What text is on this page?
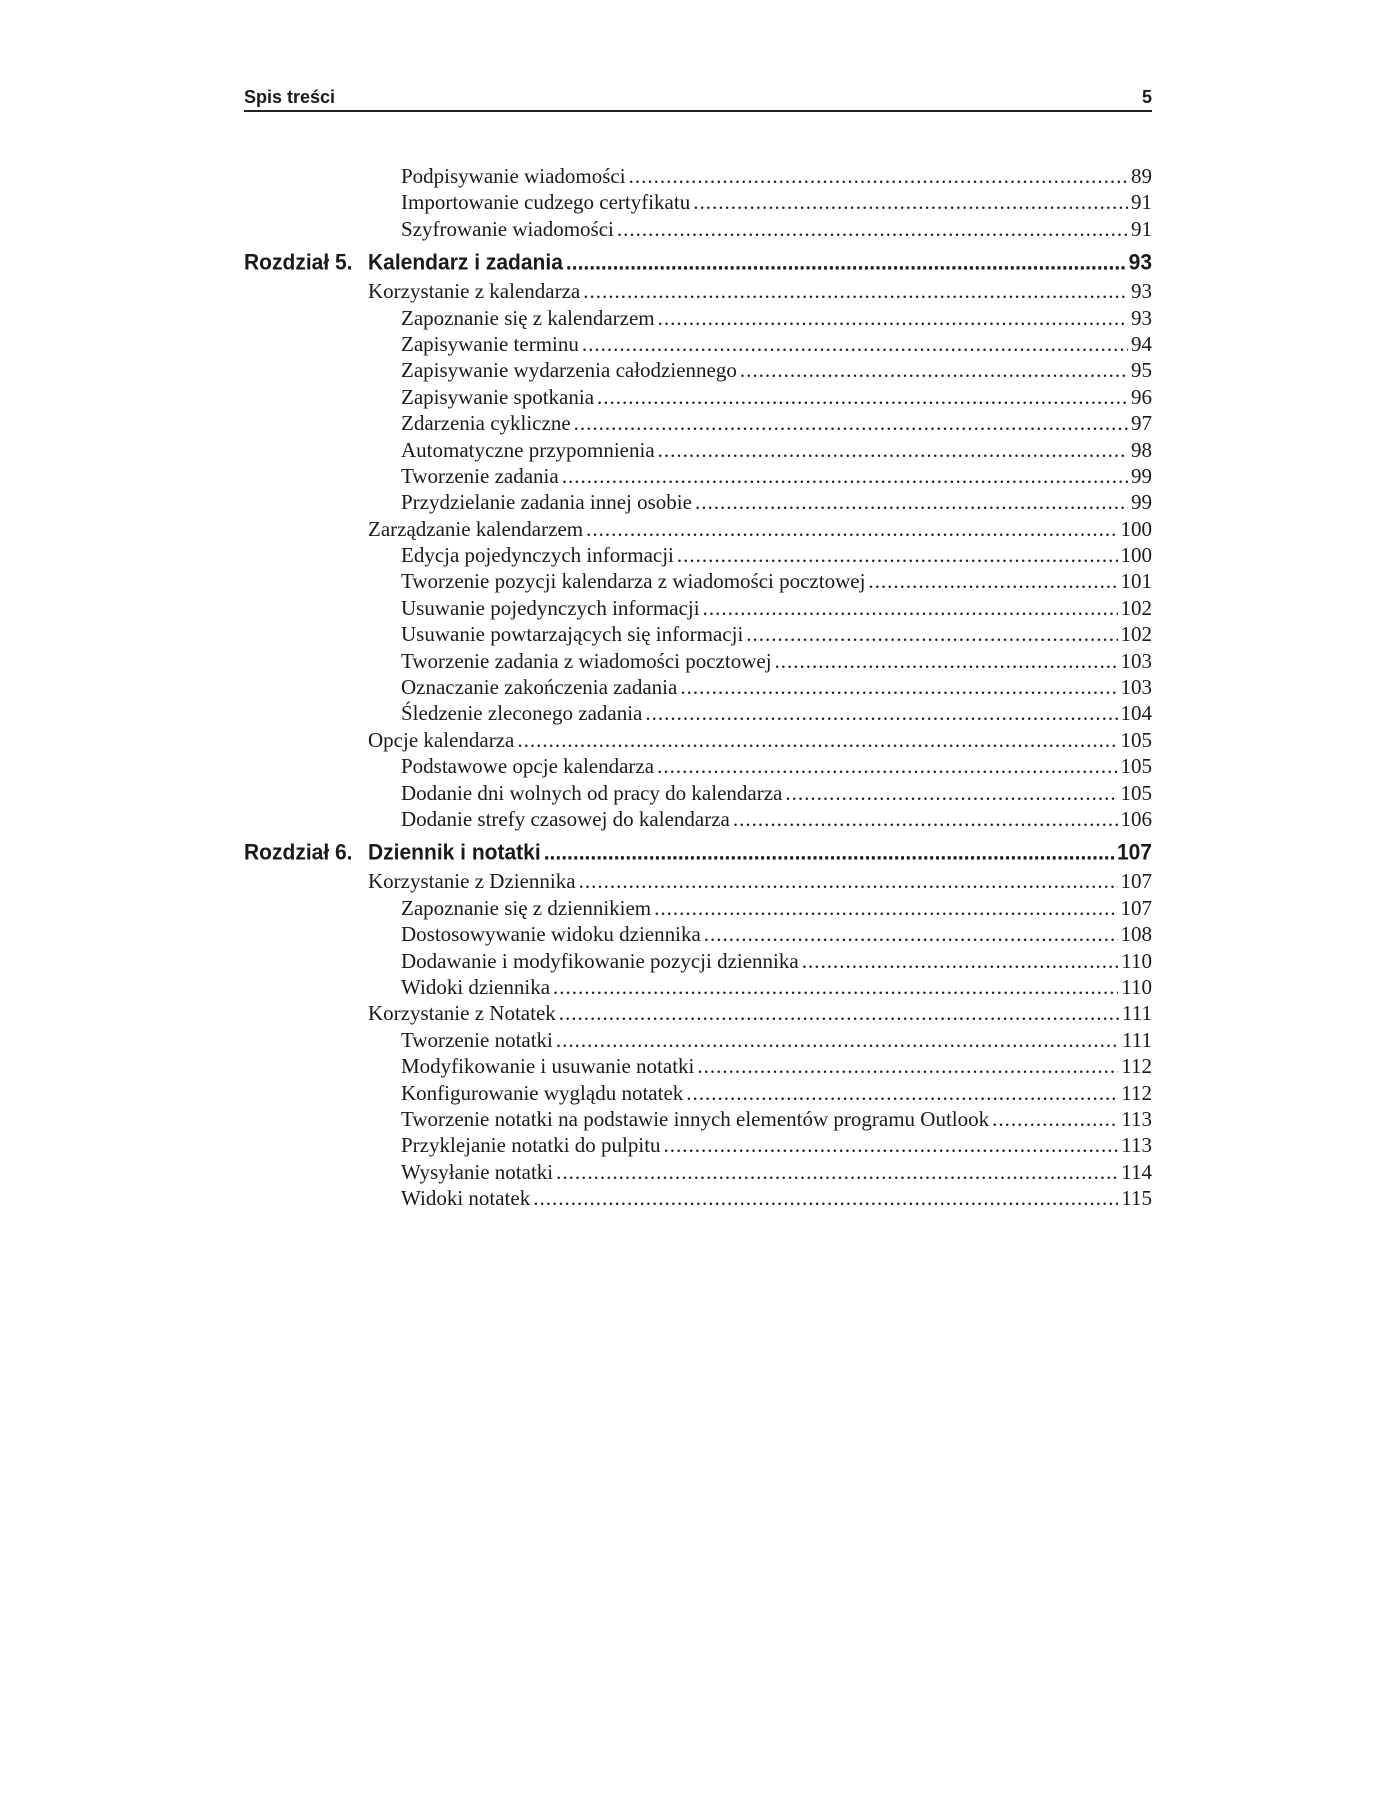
Spis treści	5
Podpisywanie wiadomości .....	89
Importowanie cudzego certyfikatu .....	91
Szyfrowanie wiadomości .....	91
Rozdział 5. Kalendarz i zadania .....	93
Korzystanie z kalendarza .....	93
Zapoznanie się z kalendarzem .....	93
Zapisywanie terminu .....	94
Zapisywanie wydarzenia całodziennego .....	95
Zapisywanie spotkania .....	96
Zdarzenia cykliczne .....	97
Automatyczne przypomnienia .....	98
Tworzenie zadania .....	99
Przydzielanie zadania innej osobie .....	99
Zarządzanie kalendarzem .....	100
Edycja pojedynczych informacji .....	100
Tworzenie pozycji kalendarza z wiadomości pocztowej .....	101
Usuwanie pojedynczych informacji .....	102
Usuwanie powtarzających się informacji .....	102
Tworzenie zadania z wiadomości pocztowej .....	103
Oznaczanie zakończenia zadania .....	103
Śledzenie zleconego zadania .....	104
Opcje kalendarza .....	105
Podstawowe opcje kalendarza .....	105
Dodanie dni wolnych od pracy do kalendarza .....	105
Dodanie strefy czasowej do kalendarza .....	106
Rozdział 6. Dziennik i notatki .....	107
Korzystanie z Dziennika .....	107
Zapoznanie się z dziennikiem .....	107
Dostosowywanie widoku dziennika .....	108
Dodawanie i modyfikowanie pozycji dziennika .....	110
Widoki dziennika .....	110
Korzystanie z Notatek .....	111
Tworzenie notatki .....	111
Modyfikowanie i usuwanie notatki .....	112
Konfigurowanie wyglądu notatek .....	112
Tworzenie notatki na podstawie innych elementów programu Outlook .....	113
Przyklejanie notatki do pulpitu .....	113
Wysyłanie notatki .....	114
Widoki notatek .....	115
